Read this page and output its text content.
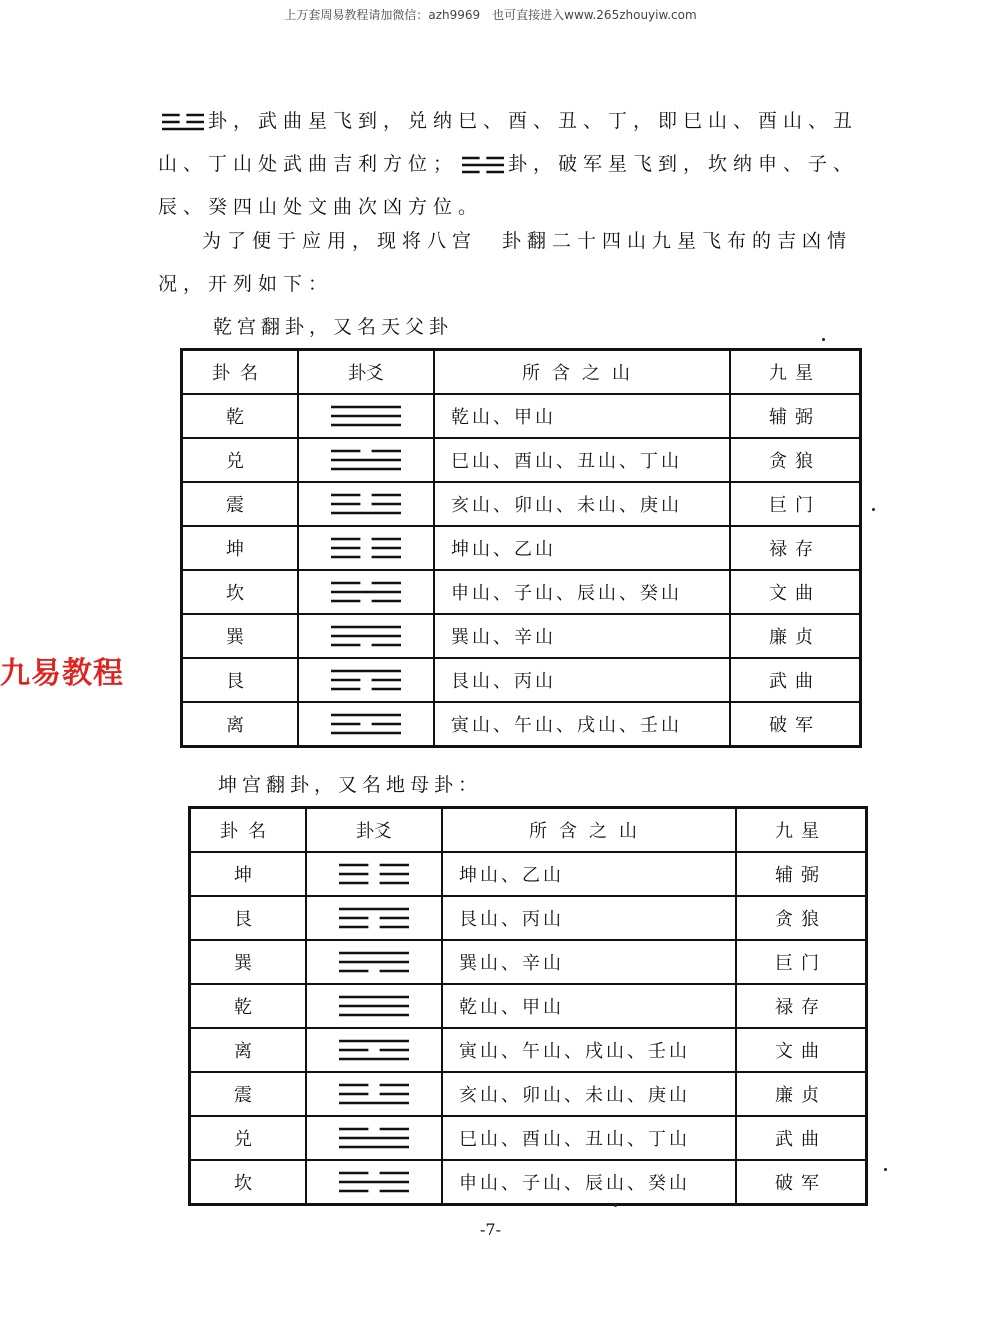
上万套周易教程请加微信：azh9969　也可直接进入www.265zhouyiw.com
卦，武曲星飞到，兑纳巳、酉、丑、丁，即巳山、酉山、丑山、丁山处武曲吉利方位；	卦，破军星飞到，坎纳申、子、辰、癸四山处文曲次凶方位。
为了便于应用，现将八宫　卦翻二十四山九星飞布的吉凶情况，开列如下：
乾宫翻卦，又名天父卦
卦名	卦爻	所含之山	九星
乾		乾山、甲山	辅弼
兑		巳山、酉山、丑山、丁山	贪狼
震		亥山、卯山、未山、庚山	巨门
坤		坤山、乙山	禄存
坎		申山、子山、辰山、癸山	文曲
巽		巽山、辛山	廉贞
艮		艮山、丙山	武曲
离		寅山、午山、戌山、壬山	破军
九易教程
坤宫翻卦，又名地母卦：
卦名	卦爻	所含之山	九星
坤		坤山、乙山	辅弼
艮		艮山、丙山	贪狼
巽		巽山、辛山	巨门
乾		乾山、甲山	禄存
离		寅山、午山、戌山、壬山	文曲
震		亥山、卯山、未山、庚山	廉贞
兑		巳山、酉山、丑山、丁山	武曲
坎		申山、子山、辰山、癸山	破军
-7-
